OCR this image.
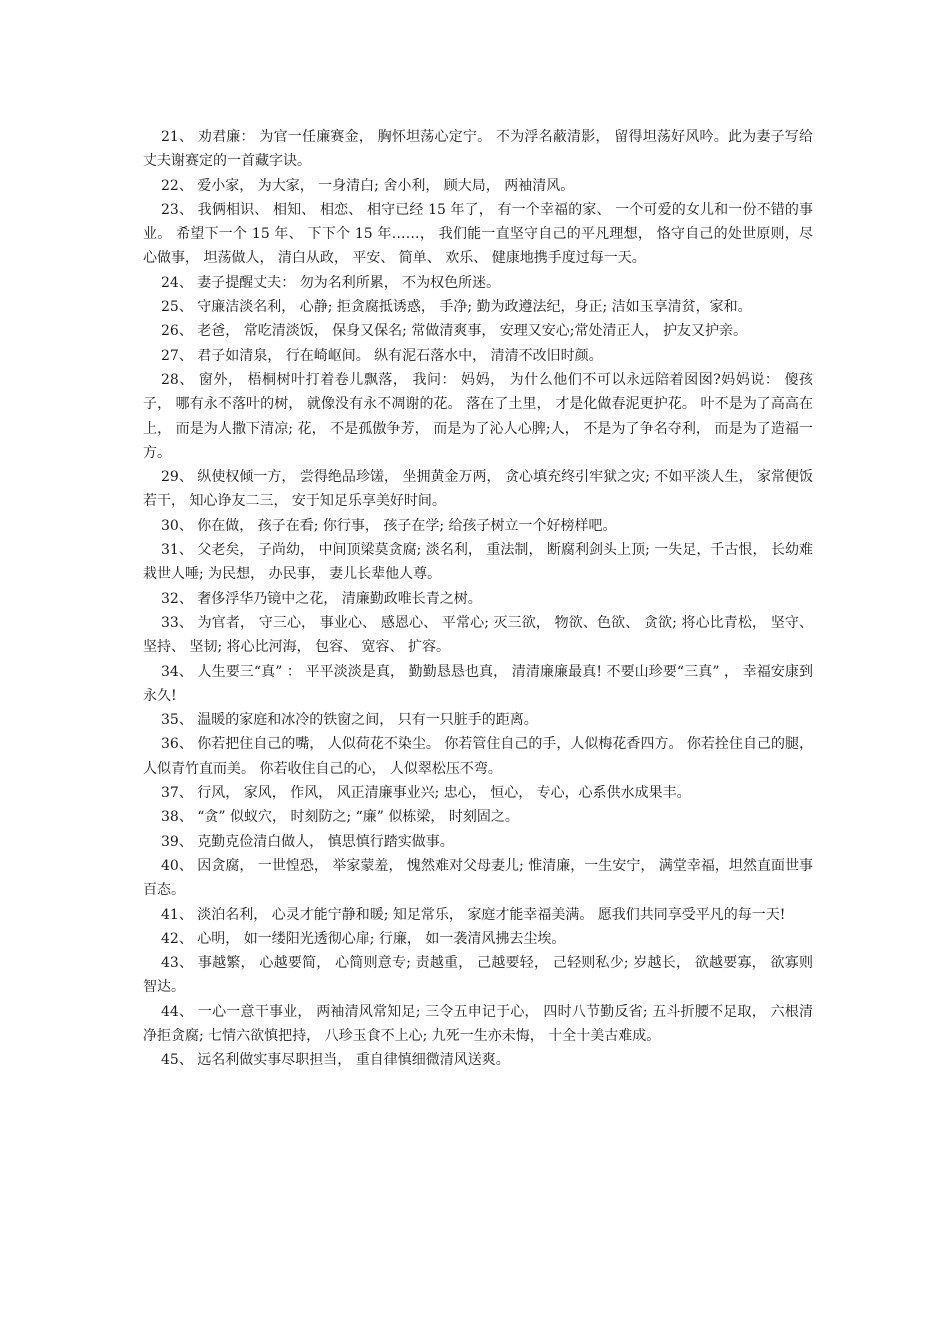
21、 劝君廉： 为官一任廉赛金， 胸怀坦荡心定宁。 不为浮名蔽清影， 留得坦荡好风吟。此为妻子写给丈夫谢赛定的一首藏字诀。

22、 爱小家， 为大家， 一身清白; 舍小利， 顾大局， 两袖清风。

23、 我俩相识、 相知、 相恋、 相守已经 15 年了， 有一个幸福的家、 一个可爱的女儿和一份不错的事业。 希望下一个 15 年、 下下个 15 年……， 我们能一直坚守自己的平凡理想， 恪守自己的处世原则，尽心做事， 坦荡做人， 清白从政， 平安、 简单、 欢乐、 健康地携手度过每一天。

24、 妻子提醒丈夫： 勿为名利所累， 不为权色所迷。

25、 守廉洁淡名利， 心静; 拒贪腐抵诱惑， 手净; 勤为政遵法纪，身正; 洁如玉享清贫，家和。

26、 老爸， 常吃清淡饭， 保身又保名; 常做清爽事， 安理又安心;常处清正人， 护友又护亲。

27、 君子如清泉， 行在崎岖间。 纵有泥石落水中， 清清不改旧时颜。

28、 窗外， 梧桐树叶打着卷儿飘落， 我问： 妈妈， 为什么他们不可以永远陪着囡囡?妈妈说： 傻孩子， 哪有永不落叶的树， 就像没有永不凋谢的花。 落在了土里， 才是化做春泥更护花。 叶不是为了高高在上， 而是为人撒下清凉; 花， 不是孤傲争芳， 而是为了沁人心脾;人， 不是为了争名夺利， 而是为了造福一方。

29、 纵使权倾一方， 尝得绝品珍馐， 坐拥黄金万两， 贪心填充终引牢狱之灾; 不如平淡人生， 家常便饭若干， 知心诤友二三， 安于知足乐享美好时间。

30、 你在做， 孩子在看; 你行事， 孩子在学; 给孩子树立一个好榜样吧。

31、 父老矣， 子尚幼， 中间顶梁莫贪腐; 淡名利， 重法制， 断腐利剑头上顶; 一失足，千古恨， 长幼难栽世人唾; 为民想， 办民事， 妻儿长辈他人尊。

32、 奢侈浮华乃镜中之花， 清廉勤政唯长青之树。

33、 为官者， 守三心， 事业心、 感恩心、 平常心; 灭三欲， 物欲、色欲、 贪欲; 将心比青松， 坚守、 坚持、 坚韧; 将心比河海， 包容、 宽容、 扩容。

34、 人生要三“真” ： 平平淡淡是真， 勤勤恳恳也真， 清清廉廉最真! 不要山珍要“三真” ， 幸福安康到永久!

35、 温暖的家庭和冰冷的铁窗之间， 只有一只脏手的距离。

36、 你若把住自己的嘴， 人似荷花不染尘。 你若管住自己的手，人似梅花香四方。 你若拴住自己的腿， 人似青竹直而美。 你若收住自己的心， 人似翠松压不弯。

37、 行风， 家风， 作风， 风正清廉事业兴; 忠心， 恒心， 专心，心系供水成果丰。

38、 “贪” 似蚁穴， 时刻防之; “廉” 似栋梁， 时刻固之。

39、 克勤克俭清白做人， 慎思慎行踏实做事。

40、 因贪腐， 一世惶恐， 举家蒙羞， 愧然难对父母妻儿; 惟清廉，一生安宁， 满堂幸福，坦然直面世事百态。

41、 淡泊名利， 心灵才能宁静和暖; 知足常乐， 家庭才能幸福美满。 愿我们共同享受平凡的每一天!

42、 心明， 如一缕阳光透彻心扉; 行廉， 如一袭清风拂去尘埃。

43、 事越繁， 心越要简， 心简则意专; 责越重， 己越要轻， 己轻则私少; 岁越长， 欲越要寡， 欲寡则智达。

44、 一心一意干事业， 两袖清风常知足; 三令五申记于心， 四时八节勤反省; 五斗折腰不足取， 六根清净拒贪腐; 七情六欲慎把持， 八珍玉食不上心; 九死一生亦未悔， 十全十美古难成。

45、 远名利做实事尽职担当， 重自律慎细微清风送爽。
